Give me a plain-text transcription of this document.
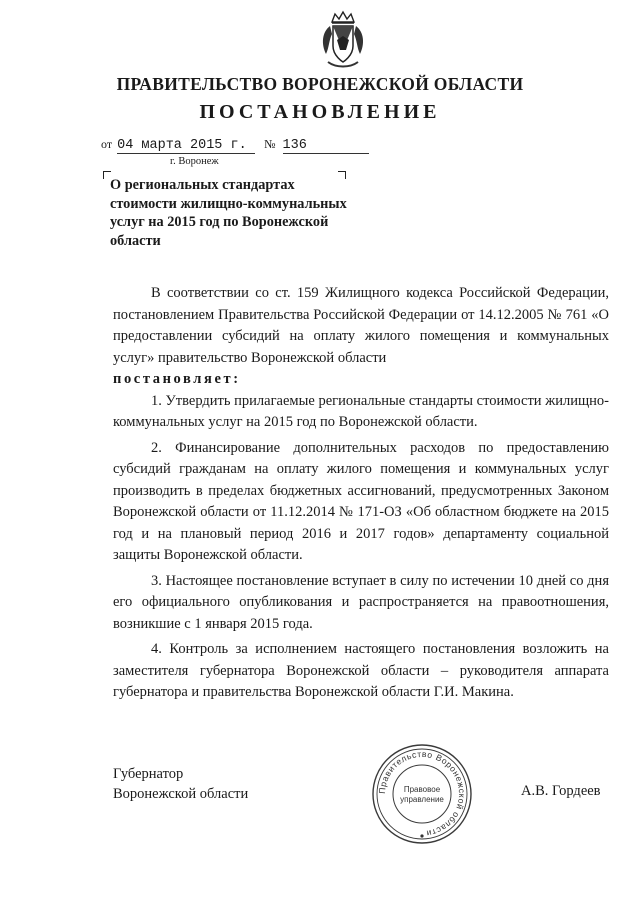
ПРАВИТЕЛЬСТВО ВОРОНЕЖСКОЙ ОБЛАСТИ
ПОСТАНОВЛЕНИЕ
от 04 марта 2015 г. № 136
г. Воронеж
О региональных стандартах стоимости жилищно-коммунальных услуг на 2015 год по Воронежской области

В соответствии со ст. 159 Жилищного кодекса Российской Федерации, постановлением Правительства Российской Федерации от 14.12.2005 № 761 «О предоставлении субсидий на оплату жилого помещения и коммунальных услуг» правительство Воронежской области

постановляет:

1. Утвердить прилагаемые региональные стандарты стоимости жилищно-коммунальных услуг на 2015 год по Воронежской области.

2. Финансирование дополнительных расходов по предоставлению субсидий гражданам на оплату жилого помещения и коммунальных услуг производить в пределах бюджетных ассигнований, предусмотренных Законом Воронежской области от 11.12.2014 № 171-ОЗ «Об областном бюджете на 2015 год и на плановый период 2016 и 2017 годов» департаменту социальной защиты Воронежской области.

3. Настоящее постановление вступает в силу по истечении 10 дней со дня его официального опубликования и распространяется на правоотношения, возникшие с 1 января 2015 года.

4. Контроль за исполнением настоящего постановления возложить на заместителя губернатора Воронежской области – руководителя аппарата губернатора и правительства Воронежской области Г.И. Макина.

Губернатор
Воронежской области	А.В. Гордеев
Правительство Воронежской области
Правовое
управление
